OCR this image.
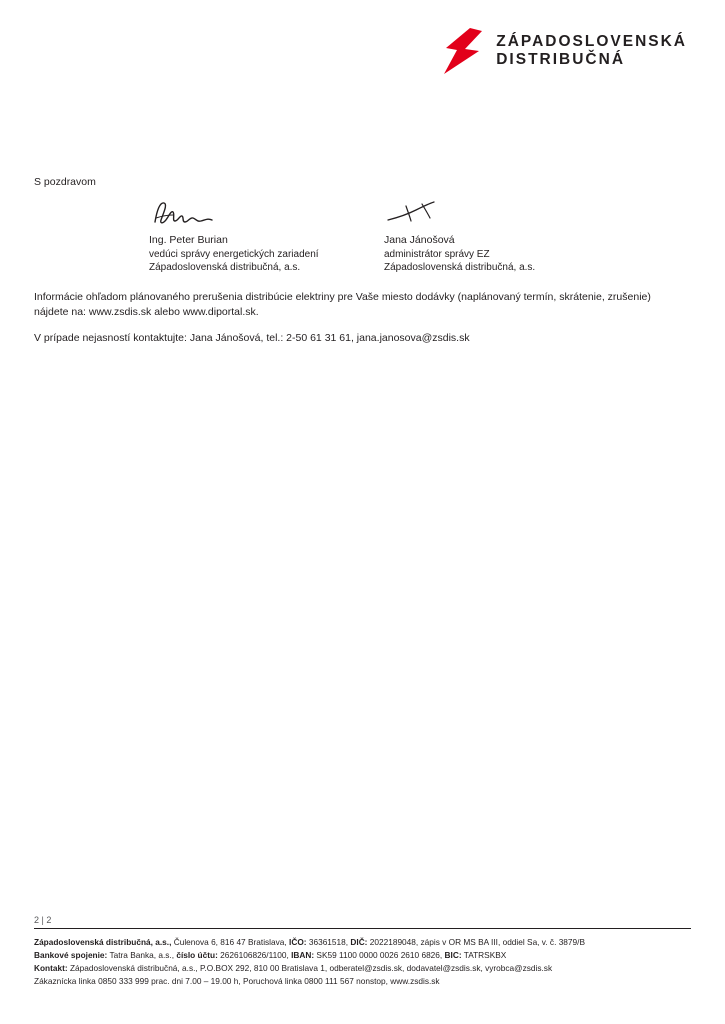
ZÁPADOSLOVENSKÁ
DISTRIBUČNÁ
S pozdravom
Ing. Peter Burian
vedúci správy energetických zariadení
Západoslovenská distribučná, a.s.
Jana Jánošová
administrátor správy EZ
Západoslovenská distribučná, a.s.
Informácie ohľadom plánovaného prerušenia distribúcie elektriny pre Vaše miesto dodávky (naplánovaný termín, skrátenie, zrušenie) nájdete na: www.zsdis.sk alebo www.diportal.sk.
V prípade nejasností kontaktujte: Jana Jánošová, tel.: 2-50 61 31 61, jana.janosova@zsdis.sk
2 | 2
Západoslovenská distribučná, a.s., Čulenova 6, 816 47 Bratislava, IČO: 36361518, DIČ: 2022189048, zápis v OR MS BA III, oddiel Sa, v. č. 3879/B
Bankové spojenie: Tatra Banka, a.s., číslo účtu: 2626106826/1100, IBAN: SK59 1100 0000 0026 2610 6826, BIC: TATRSKBX
Kontakt: Západoslovenská distribučná, a.s., P.O.BOX 292, 810 00 Bratislava 1, odberatel@zsdis.sk, dodavatel@zsdis.sk, vyrobca@zsdis.sk
Zákaznícka linka 0850 333 999 prac. dni 7.00 – 19.00 h, Poruchová linka 0800 111 567 nonstop, www.zsdis.sk
